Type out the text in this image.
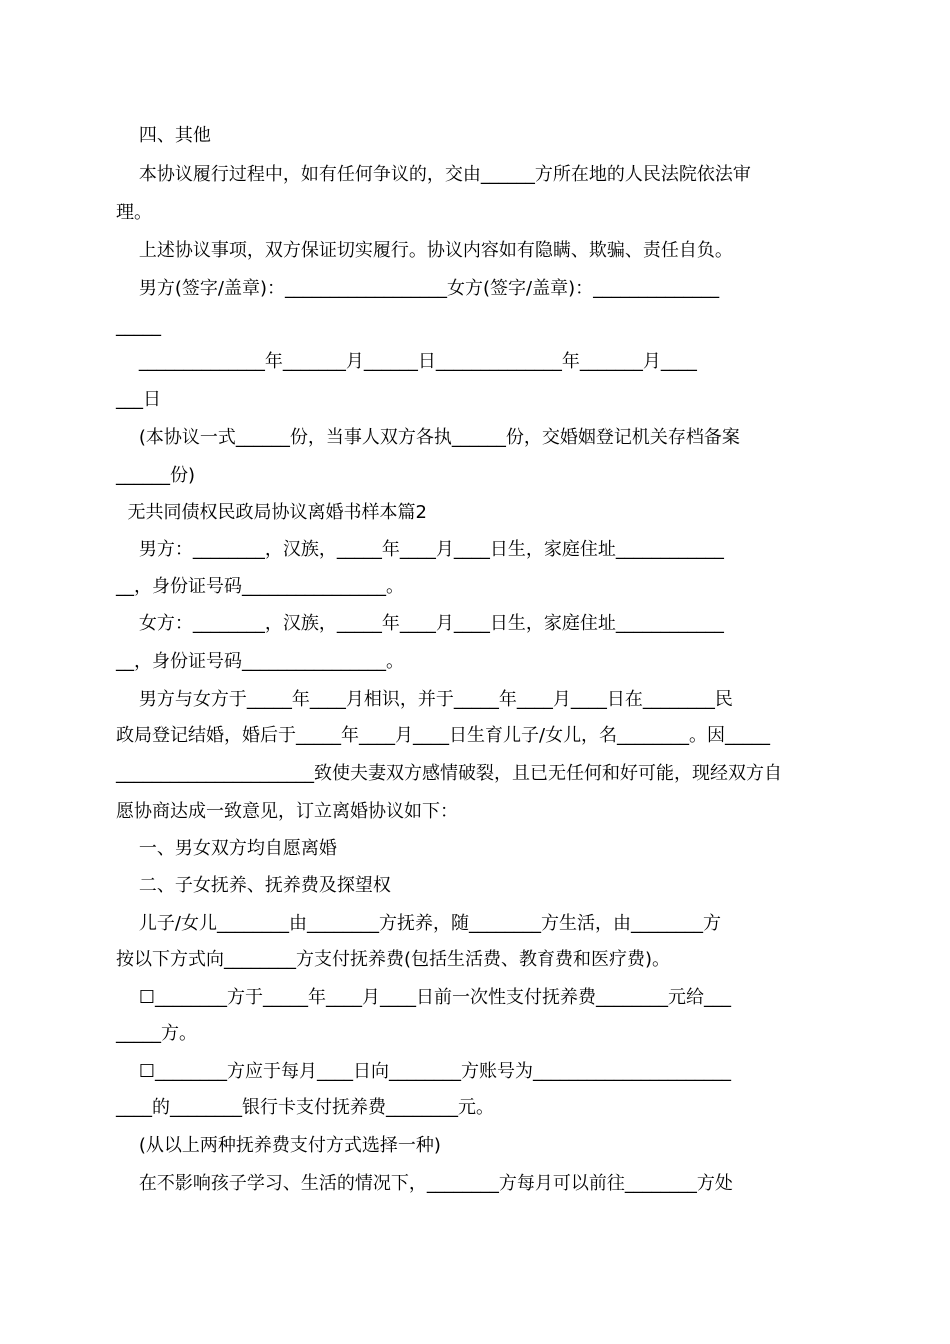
四、其他
本协议履行过程中，如有任何争议的，交由______方所在地的人民法院依法审
理。
上述协议事项，双方保证切实履行。协议内容如有隐瞒、欺骗、责任自负。
男方(签字/盖章)：__________________女方(签字/盖章)：______________
_____
______________年_______月______日______________年_______月____
___日
(本协议一式______份，当事人双方各执______份，交婚姻登记机关存档备案
______份)
无共同债权民政局协议离婚书样本篇2
男方：________，汉族，_____年____月____日生，家庭住址____________
__，身份证号码________________。
女方：________，汉族，_____年____月____日生，家庭住址____________
__，身份证号码________________。
男方与女方于_____年____月相识，并于_____年____月____日在________民
政局登记结婚，婚后于_____年____月____日生育儿子/女儿，名________。因_____
______________________致使夫妻双方感情破裂，且已无任何和好可能，现经双方自
愿协商达成一致意见，订立离婚协议如下：
一、男女双方均自愿离婚
二、子女抚养、抚养费及探望权
儿子/女儿________由________方抚养，随________方生活，由________方
按以下方式向________方支付抚养费(包括生活费、教育费和医疗费)。
☐________方于_____年____月____日前一次性支付抚养费________元给___
_____方。
☐________方应于每月____日向________方账号为______________________
____的________银行卡支付抚养费________元。
(从以上两种抚养费支付方式选择一种)
在不影响孩子学习、生活的情况下，________方每月可以前往________方处
